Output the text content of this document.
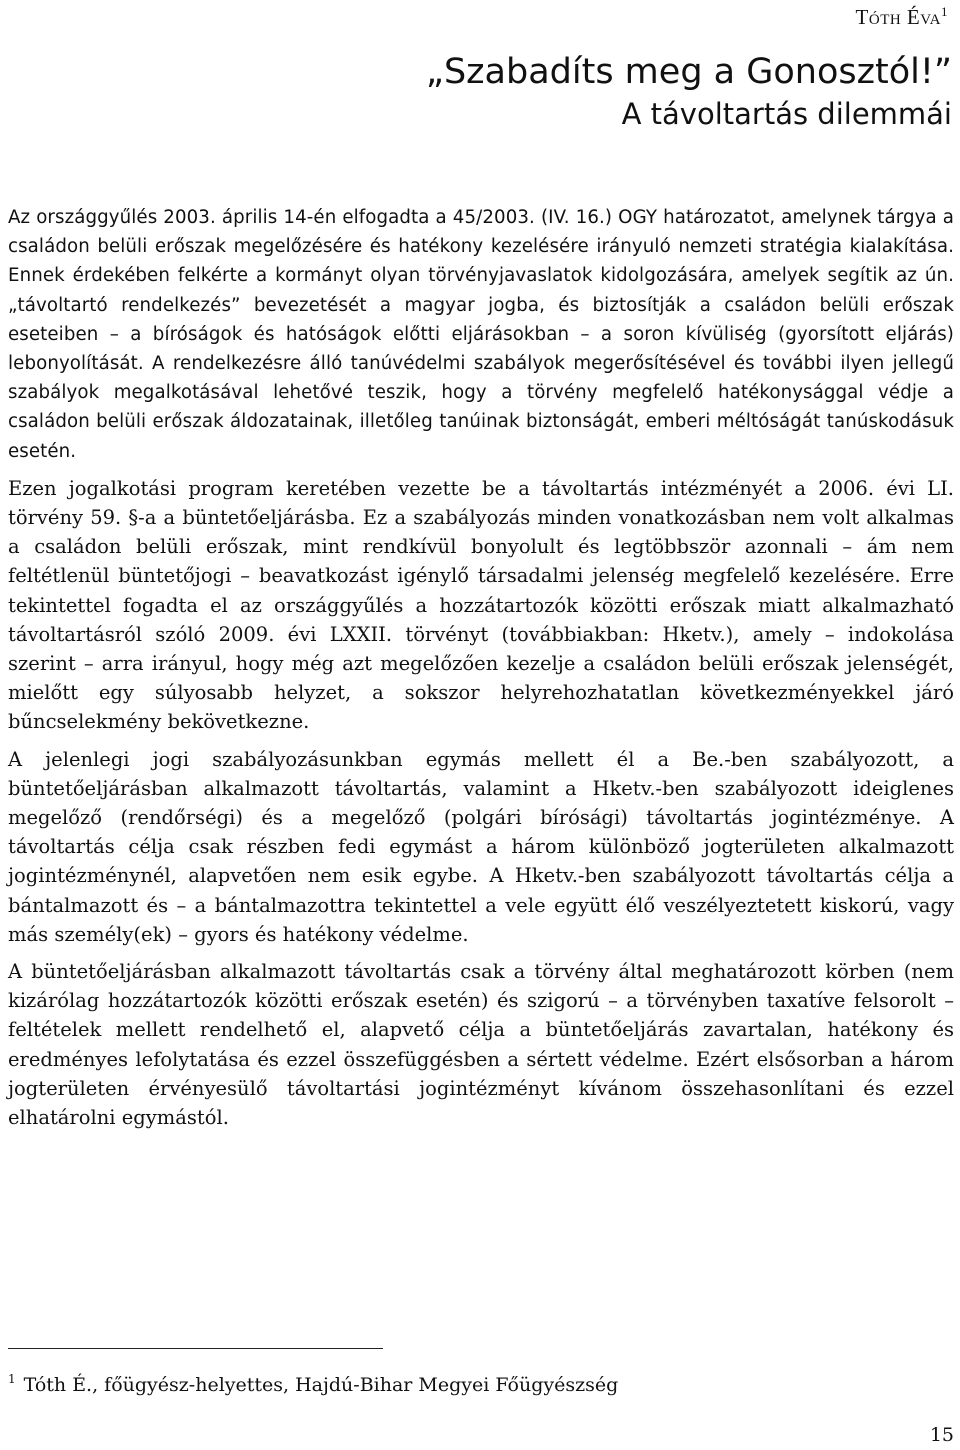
Tóth Éva$^1$

„Szabadíts meg a Gonosztól!”

A távoltartás dilemmái

Az országgyűlés 2003. április 14-én elfogadta a 45/2003. (IV. 16.) OGY határozatot, amelynek tárgya a családon belüli erőszak megelőzésére és hatékony kezelésére irányuló nemzeti stratégia kialakítása. Ennek érdekében felkérte a kormányt olyan törvényjavaslatok kidolgozására, amelyek segítik az ún. „távoltartó rendelkezés” bevezetését a magyar jogba, és biztosítják a családon belüli erőszak eseteiben – a bíróságok és hatóságok előtti eljárásokban – a soron kívüliség (gyorsított eljárás) lebonyolítását. A rendelkezésre álló tanúvédelmi szabályok megerősítésével és további ilyen jellegű szabályok megalkotásával lehetővé teszik, hogy a törvény megfelelő hatékonysággal védje a családon belüli erőszak áldozatainak, illetőleg tanúinak biztonságát, emberi méltóságát tanúskodásuk esetén.

Ezen jogalkotási program keretében vezette be a távoltartás intézményét a 2006. évi LI. törvény 59. §-a a büntetőeljárásba. Ez a szabályozás minden vonatkozásban nem volt alkalmas a családon belüli erőszak, mint rendkívül bonyolult és legtöbbször azonnali – ám nem feltétlenül büntetőjogi – beavatkozást igénylő társadalmi jelenség megfelelő kezelésére. Erre tekintettel fogadta el az országgyűlés a hozzátartozók közötti erőszak miatt alkalmazható távoltartásról szóló 2009. évi LXXII. törvényt (továbbiakban: Hketv.), amely – indokolása szerint – arra irányul, hogy még azt megelőzően kezelje a családon belüli erőszak jelenségét, mielőtt egy súlyosabb helyzet, a sokszor helyrehozhatatlan következményekkel járó bűncselekmény bekövetkezne.

A jelenlegi jogi szabályozásunkban egymás mellett él a Be.-ben szabályozott, a büntetőeljárásban alkalmazott távoltartás, valamint a Hketv.-ben szabályozott ideiglenes megelőző (rendőrségi) és a megelőző (polgári bírósági) távoltartás jogintézménye. A távoltartás célja csak részben fedi egymást a három különböző jogterületen alkalmazott jogintézménynél, alapvetően nem esik egybe. A Hketv.-ben szabályozott távoltartás célja a bántalmazott és – a bántalmazottra tekintettel a vele együtt élő veszélyeztetett kiskorú, vagy más személy(ek) – gyors és hatékony védelme.

A büntetőeljárásban alkalmazott távoltartás csak a törvény által meghatározott körben (nem kizárólag hozzátartozók közötti erőszak esetén) és szigorú – a törvényben taxatíve felsorolt – feltételek mellett rendelhető el, alapvető célja a büntetőeljárás zavartalan, hatékony és eredményes lefolytatása és ezzel összefüggésben a sértett védelme. Ezért elsősorban a három jogterületen érvényesülő távoltartási jogintézményt kívánom összehasonlítani és ezzel elhatárolni egymástól.

$^1$ Tóth É., főügyész-helyettes, Hajdú-Bihar Megyei Főügyészség
15
